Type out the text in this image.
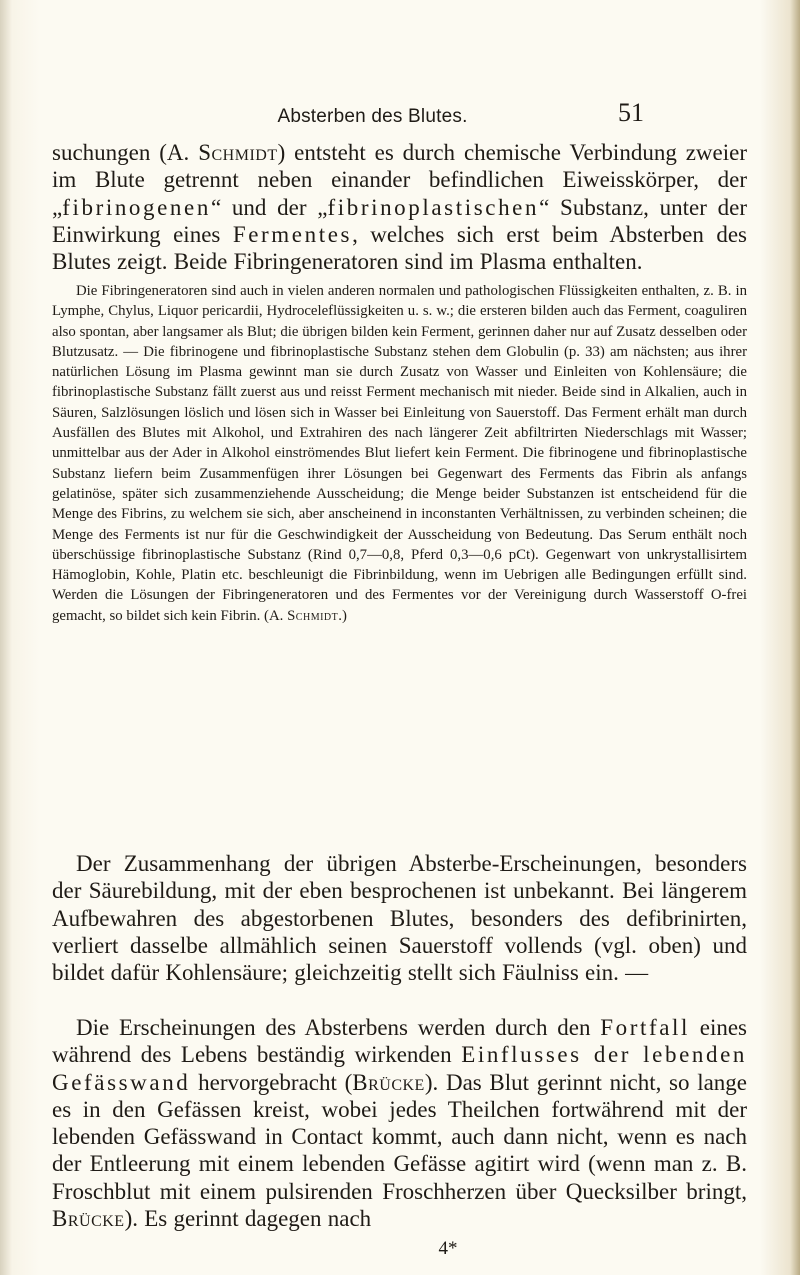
Absterben des Blutes.	51

suchungen (A. Schmidt) entsteht es durch chemische Verbindung zweier im Blute getrennt neben einander befindlichen Eiweisskörper, der „fibrinogenen“ und der „fibrinoplastischen“ Substanz, unter der Einwirkung eines Fermentes, welches sich erst beim Absterben des Blutes zeigt. Beide Fibringeneratoren sind im Plasma enthalten.

Die Fibringeneratoren sind auch in vielen anderen normalen und pathologischen Flüssigkeiten enthalten, z. B. in Lymphe, Chylus, Liquor pericardii, Hydroceleflüssigkeiten u. s. w.; die ersteren bilden auch das Ferment, coaguliren also spontan, aber langsamer als Blut; die übrigen bilden kein Ferment, gerinnen daher nur auf Zusatz desselben oder Blutzusatz. — Die fibrinogene und fibrinoplastische Substanz stehen dem Globulin (p. 33) am nächsten; aus ihrer natürlichen Lösung im Plasma gewinnt man sie durch Zusatz von Wasser und Einleiten von Kohlensäure; die fibrinoplastische Substanz fällt zuerst aus und reisst Ferment mechanisch mit nieder. Beide sind in Alkalien, auch in Säuren, Salzlösungen löslich und lösen sich in Wasser bei Einleitung von Sauerstoff. Das Ferment erhält man durch Ausfällen des Blutes mit Alkohol, und Extrahiren des nach längerer Zeit abfiltrirten Niederschlags mit Wasser; unmittelbar aus der Ader in Alkohol einströmendes Blut liefert kein Ferment. Die fibrinogene und fibrinoplastische Substanz liefern beim Zusammenfügen ihrer Lösungen bei Gegenwart des Ferments das Fibrin als anfangs gelatinöse, später sich zusammenziehende Ausscheidung; die Menge beider Substanzen ist entscheidend für die Menge des Fibrins, zu welchem sie sich, aber anscheinend in inconstanten Verhältnissen, zu verbinden scheinen; die Menge des Ferments ist nur für die Geschwindigkeit der Ausscheidung von Bedeutung. Das Serum enthält noch überschüssige fibrinoplastische Substanz (Rind 0,7—0,8, Pferd 0,3—0,6 pCt). Gegenwart von unkrystallisirtem Hämoglobin, Kohle, Platin etc. beschleunigt die Fibrinbildung, wenn im Uebrigen alle Bedingungen erfüllt sind. Werden die Lösungen der Fibringeneratoren und des Fermentes vor der Vereinigung durch Wasserstoff O-frei gemacht, so bildet sich kein Fibrin. (A. Schmidt.)

Der Zusammenhang der übrigen Absterbe-Erscheinungen, besonders der Säurebildung, mit der eben besprochenen ist unbekannt. Bei längerem Aufbewahren des abgestorbenen Blutes, besonders des defibrinirten, verliert dasselbe allmählich seinen Sauerstoff vollends (vgl. oben) und bildet dafür Kohlensäure; gleichzeitig stellt sich Fäulniss ein. —

Die Erscheinungen des Absterbens werden durch den Fortfall eines während des Lebens beständig wirkenden Einflusses der lebenden Gefässwand hervorgebracht (Brücke). Das Blut gerinnt nicht, so lange es in den Gefässen kreist, wobei jedes Theilchen fortwährend mit der lebenden Gefässwand in Contact kommt, auch dann nicht, wenn es nach der Entleerung mit einem lebenden Gefässe agitirt wird (wenn man z. B. Froschblut mit einem pulsirenden Froschherzen über Quecksilber bringt, Brücke). Es gerinnt dagegen nach

4*
